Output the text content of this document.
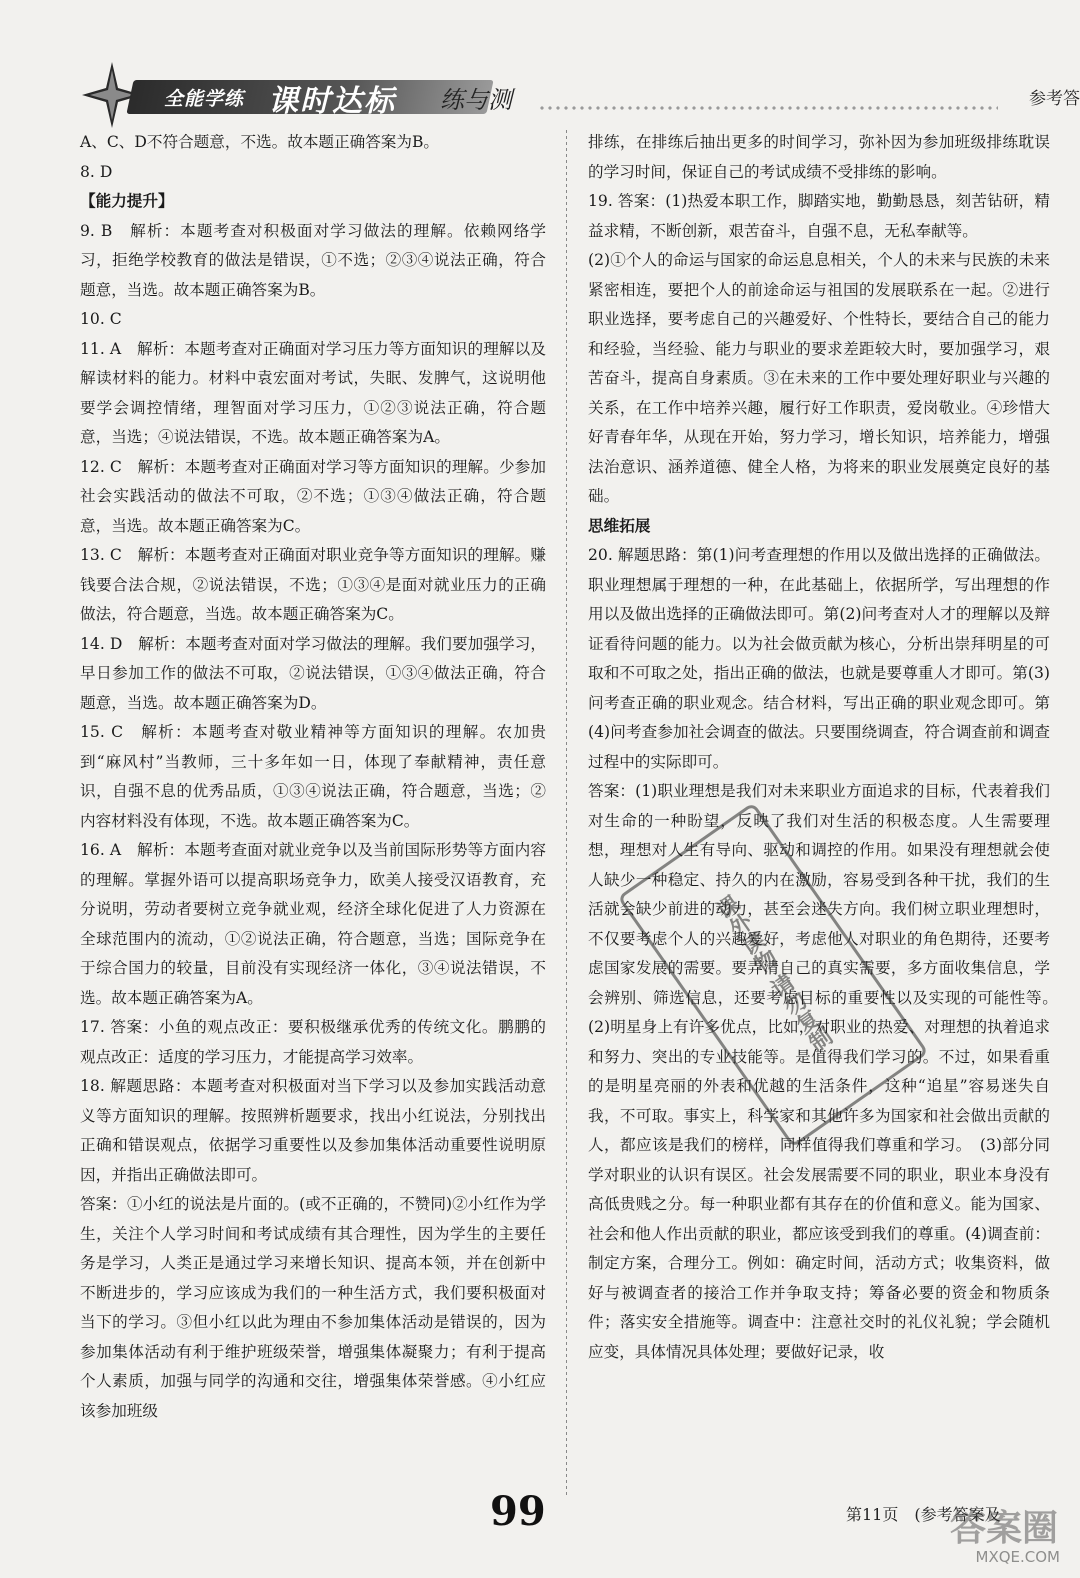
全能学练 课时达标 练与测	参考答

A、C、D不符合题意，不选。故本题正确答案为B。

8. D

【能力提升】

9. B　解析：本题考查对积极面对学习做法的理解。依赖网络学习，拒绝学校教育的做法是错误，①不选；②③④说法正确，符合题意，当选。故本题正确答案为B。

10. C

11. A　解析：本题考查对正确面对学习压力等方面知识的理解以及解读材料的能力。材料中袁宏面对考试，失眠、发脾气，这说明他要学会调控情绪，理智面对学习压力，①②③说法正确，符合题意，当选；④说法错误，不选。故本题正确答案为A。

12. C　解析：本题考查对正确面对学习等方面知识的理解。少参加社会实践活动的做法不可取，②不选；①③④做法正确，符合题意，当选。故本题正确答案为C。

13. C　解析：本题考查对正确面对职业竞争等方面知识的理解。赚钱要合法合规，②说法错误，不选；①③④是面对就业压力的正确做法，符合题意，当选。故本题正确答案为C。

14. D　解析：本题考查对面对学习做法的理解。我们要加强学习，早日参加工作的做法不可取，②说法错误，①③④做法正确，符合题意，当选。故本题正确答案为D。

15. C　解析：本题考查对敬业精神等方面知识的理解。农加贵到“麻风村”当教师，三十多年如一日，体现了奉献精神，责任意识，自强不息的优秀品质，①③④说法正确，符合题意，当选；②内容材料没有体现，不选。故本题正确答案为C。

16. A　解析：本题考查面对就业竞争以及当前国际形势等方面内容的理解。掌握外语可以提高职场竞争力，欧美人接受汉语教育，充分说明，劳动者要树立竞争就业观，经济全球化促进了人力资源在全球范围内的流动，①②说法正确，符合题意，当选；国际竞争在于综合国力的较量，目前没有实现经济一体化，③④说法错误，不选。故本题正确答案为A。

17. 答案：小鱼的观点改正：要积极继承优秀的传统文化。鹏鹏的观点改正：适度的学习压力，才能提高学习效率。

18. 解题思路：本题考查对积极面对当下学习以及参加实践活动意义等方面知识的理解。按照辨析题要求，找出小红说法，分别找出正确和错误观点，依据学习重要性以及参加集体活动重要性说明原因，并指出正确做法即可。

答案：①小红的说法是片面的。(或不正确的，不赞同)②小红作为学生，关注个人学习时间和考试成绩有其合理性，因为学生的主要任务是学习，人类正是通过学习来增长知识、提高本领，并在创新中不断进步的，学习应该成为我们的一种生活方式，我们要积极面对当下的学习。③但小红以此为理由不参加集体活动是错误的，因为参加集体活动有利于维护班级荣誉，增强集体凝聚力；有利于提高个人素质，加强与同学的沟通和交往，增强集体荣誉感。④小红应该参加班级

排练，在排练后抽出更多的时间学习，弥补因为参加班级排练耽误的学习时间，保证自己的考试成绩不受排练的影响。

19. 答案：(1)热爱本职工作，脚踏实地，勤勤恳恳，刻苦钻研，精益求精，不断创新，艰苦奋斗，自强不息，无私奉献等。

(2)①个人的命运与国家的命运息息相关，个人的未来与民族的未来紧密相连，要把个人的前途命运与祖国的发展联系在一起。②进行职业选择，要考虑自己的兴趣爱好、个性特长，要结合自己的能力和经验，当经验、能力与职业的要求差距较大时，要加强学习，艰苦奋斗，提高自身素质。③在未来的工作中要处理好职业与兴趣的关系，在工作中培养兴趣，履行好工作职责，爱岗敬业。④珍惜大好青春年华，从现在开始，努力学习，增长知识，培养能力，增强法治意识、涵养道德、健全人格，为将来的职业发展奠定良好的基础。

思维拓展

20. 解题思路：第(1)问考查理想的作用以及做出选择的正确做法。职业理想属于理想的一种，在此基础上，依据所学，写出理想的作用以及做出选择的正确做法即可。第(2)问考查对人才的理解以及辩证看待问题的能力。以为社会做贡献为核心，分析出崇拜明星的可取和不可取之处，指出正确的做法，也就是要尊重人才即可。第(3)问考查正确的职业观念。结合材料，写出正确的职业观念即可。第(4)问考查参加社会调查的做法。只要围绕调查，符合调查前和调查过程中的实际即可。

答案：(1)职业理想是我们对未来职业方面追求的目标，代表着我们对生命的一种盼望，反映了我们对生活的积极态度。人生需要理想，理想对人生有导向、驱动和调控的作用。如果没有理想就会使人缺少一种稳定、持久的内在激励，容易受到各种干扰，我们的生活就会缺少前进的动力，甚至会迷失方向。我们树立职业理想时，不仅要考虑个人的兴趣爱好，考虑他人对职业的角色期待，还要考虑国家发展的需要。要弄清自己的真实需要，多方面收集信息，学会辨别、筛选信息，还要考虑目标的重要性以及实现的可能性等。　(2)明星身上有许多优点，比如，对职业的热爱、对理想的执着追求和努力、突出的专业技能等。是值得我们学习的。不过，如果看重的是明星亮丽的外表和优越的生活条件，这种“追星”容易迷失自我，不可取。事实上，科学家和其他许多为国家和社会做出贡献的人，都应该是我们的榜样，同样值得我们尊重和学习。　(3)部分同学对职业的认识有误区。社会发展需要不同的职业，职业本身没有高低贵贱之分。每一种职业都有其存在的价值和意义。能为国家、社会和他人作出贡献的职业，都应该受到我们的尊重。(4)调查前：制定方案，合理分工。例如：确定时间，活动方式；收集资料，做好与被调查者的接洽工作并争取支持；筹备必要的资金和物质条件；落实安全措施等。调查中：注意社交时的礼仪礼貌；学会随机应变，具体情况具体处理；要做好记录，收

课外读物 请勿复制
99	第11页　(参考答案及
答案圈
MXQE.COM
